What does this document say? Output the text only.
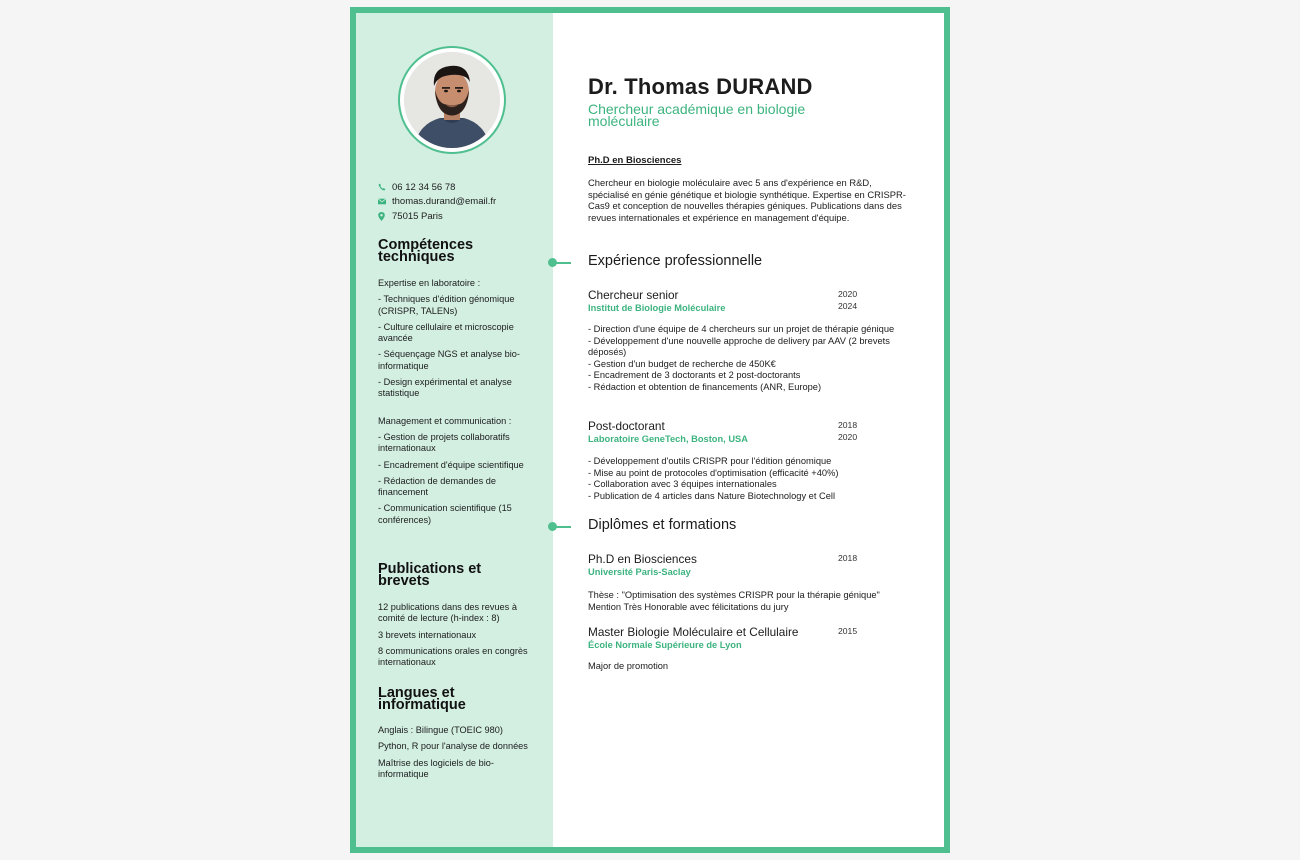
06 12 34 56 78
thomas.durand@email.fr
75015 Paris
Compétences techniques
Expertise en laboratoire :
- Techniques d'édition génomique (CRISPR, TALENs)
- Culture cellulaire et microscopie avancée
- Séquençage NGS et analyse bio-informatique
- Design expérimental et analyse statistique
Management et communication :
- Gestion de projets collaboratifs internationaux
- Encadrement d'équipe scientifique
- Rédaction de demandes de financement
- Communication scientifique (15 conférences)
Publications et brevets
12 publications dans des revues à comité de lecture (h-index : 8)
3 brevets internationaux
8 communications orales en congrès internationaux
Langues et informatique
Anglais : Bilingue (TOEIC 980)
Python, R pour l'analyse de données
Maîtrise des logiciels de bio-informatique
Dr. Thomas DURAND
Chercheur académique en biologie moléculaire
Ph.D en Biosciences
Chercheur en biologie moléculaire avec 5 ans d'expérience en R&D, spécialisé en génie génétique et biologie synthétique. Expertise en CRISPR-Cas9 et conception de nouvelles thérapies géniques. Publications dans des revues internationales et expérience en management d'équipe.
Expérience professionnelle
Chercheur senior
Institut de Biologie Moléculaire
2020
2024
- Direction d'une équipe de 4 chercheurs sur un projet de thérapie génique
- Développement d'une nouvelle approche de delivery par AAV (2 brevets déposés)
- Gestion d'un budget de recherche de 450K€
- Encadrement de 3 doctorants et 2 post-doctorants
- Rédaction et obtention de financements (ANR, Europe)
Post-doctorant
Laboratoire GeneTech, Boston, USA
2018
2020
- Développement d'outils CRISPR pour l'édition génomique
- Mise au point de protocoles d'optimisation (efficacité +40%)
- Collaboration avec 3 équipes internationales
- Publication de 4 articles dans Nature Biotechnology et Cell
Diplômes et formations
Ph.D en Biosciences
Université Paris-Saclay
2018
Thèse : "Optimisation des systèmes CRISPR pour la thérapie génique"
Mention Très Honorable avec félicitations du jury
Master Biologie Moléculaire et Cellulaire
École Normale Supérieure de Lyon
2015
Major de promotion
